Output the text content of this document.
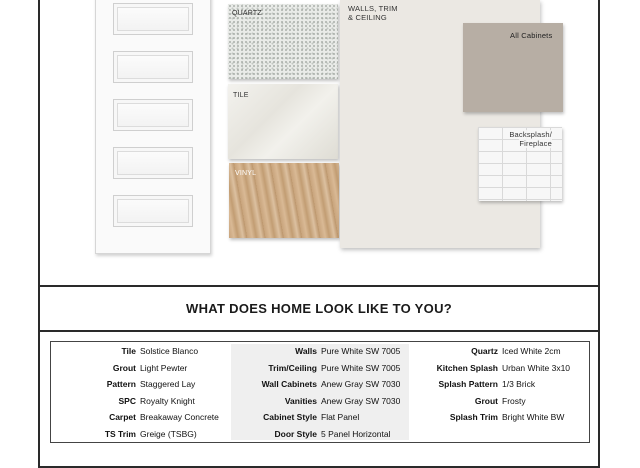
QUARTZ
TILE
VINYL
WALLS, TRIM
& CEILING
All Cabinets
Backsplash/
Fireplace
WHAT DOES HOME LOOK LIKE TO YOU?
Tile Solstice Blanco
Grout Light Pewter
Pattern Staggered Lay
SPC Royalty Knight
Carpet Breakaway Concrete
TS Trim Greige (TSBG)
Walls Pure White SW 7005
Trim/Ceiling Pure White SW 7005
Wall Cabinets Anew Gray SW 7030
Vanities Anew Gray SW 7030
Cabinet Style Flat Panel
Door Style 5 Panel Horizontal
Quartz Iced White 2cm
Kitchen Splash Urban White 3x10
Splash Pattern 1/3 Brick
Grout Frosty
Splash Trim Bright White BW
